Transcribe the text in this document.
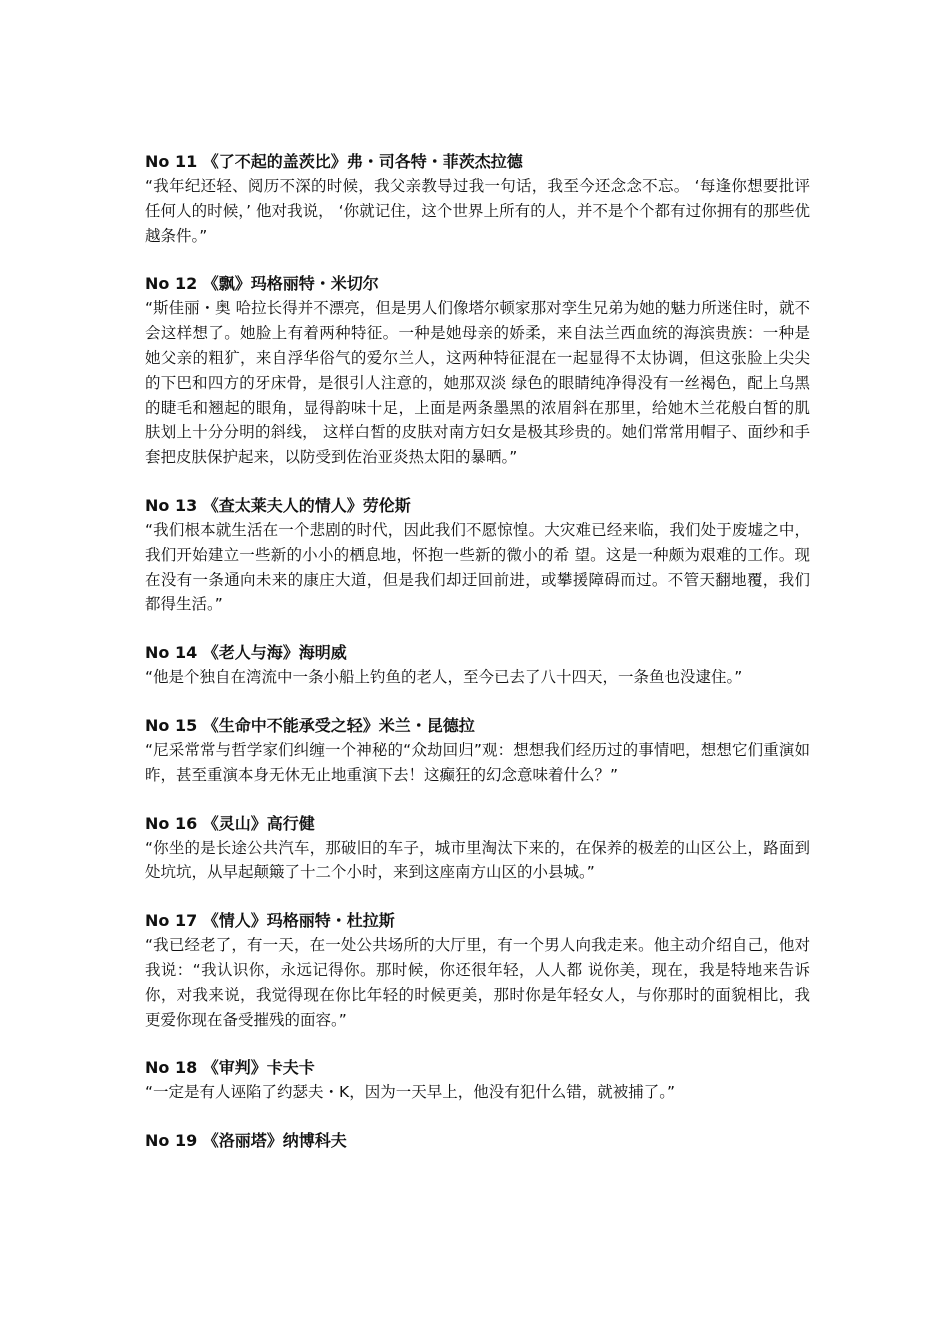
No 11 《了不起的盖茨比》弗・司各特・菲茨杰拉德

“我年纪还轻、阅历不深的时候，我父亲教导过我一句话，我至今还念念不忘。 ‘每逢你想要批评任何人的时候，’ 他对我说， ‘你就记住，这个世界上所有的人，并不是个个都有过你拥有的那些优越条件。”

No 12 《飘》玛格丽特・米切尔

“斯佳丽・奥 哈拉长得并不漂亮，但是男人们像塔尔顿家那对孪生兄弟为她的魅力所迷住时，就不会这样想了。她脸上有着两种特征。一种是她母亲的娇柔，来自法兰西血统的海滨贵族：一种是她父亲的粗犷，来自浮华俗气的爱尔兰人，这两种特征混在一起显得不太协调，但这张脸上尖尖的下巴和四方的牙床骨，是很引人注意的，她那双淡 绿色的眼睛纯净得没有一丝褐色，配上乌黑的睫毛和翘起的眼角，显得韵味十足，上面是两条墨黑的浓眉斜在那里，给她木兰花般白皙的肌肤划上十分分明的斜线， 这样白皙的皮肤对南方妇女是极其珍贵的。她们常常用帽子、面纱和手套把皮肤保护起来，以防受到佐治亚炎热太阳的暴晒。”

No 13 《查太莱夫人的情人》劳伦斯

“我们根本就生活在一个悲剧的时代，因此我们不愿惊惶。大灾难已经来临，我们处于废墟之中，我们开始建立一些新的小小的栖息地，怀抱一些新的微小的希 望。这是一种颇为艰难的工作。现在没有一条通向未来的康庄大道，但是我们却迂回前进，或攀援障碍而过。不管天翻地覆，我们都得生活。”

No 14 《老人与海》海明威

“他是个独自在湾流中一条小船上钓鱼的老人，至今已去了八十四天，一条鱼也没逮住。”

No 15 《生命中不能承受之轻》米兰・昆德拉

“尼采常常与哲学家们纠缠一个神秘的“众劫回归”观：想想我们经历过的事情吧，想想它们重演如昨，甚至重演本身无休无止地重演下去！这癫狂的幻念意味着什么？”

No 16 《灵山》高行健

“你坐的是长途公共汽车，那破旧的车子，城市里淘汰下来的，在保养的极差的山区公上，路面到处坑坑，从早起颠簸了十二个小时，来到这座南方山区的小县城。”

No 17 《情人》玛格丽特・杜拉斯

“我已经老了，有一天，在一处公共场所的大厅里，有一个男人向我走来。他主动介绍自己，他对我说：“我认识你，永远记得你。那时候，你还很年轻，人人都 说你美，现在，我是特地来告诉你，对我来说，我觉得现在你比年轻的时候更美，那时你是年轻女人，与你那时的面貌相比，我更爱你现在备受摧残的面容。”

No 18 《审判》卡夫卡

“一定是有人诬陷了约瑟夫・K，因为一天早上，他没有犯什么错，就被捕了。”

No 19 《洛丽塔》纳博科夫
